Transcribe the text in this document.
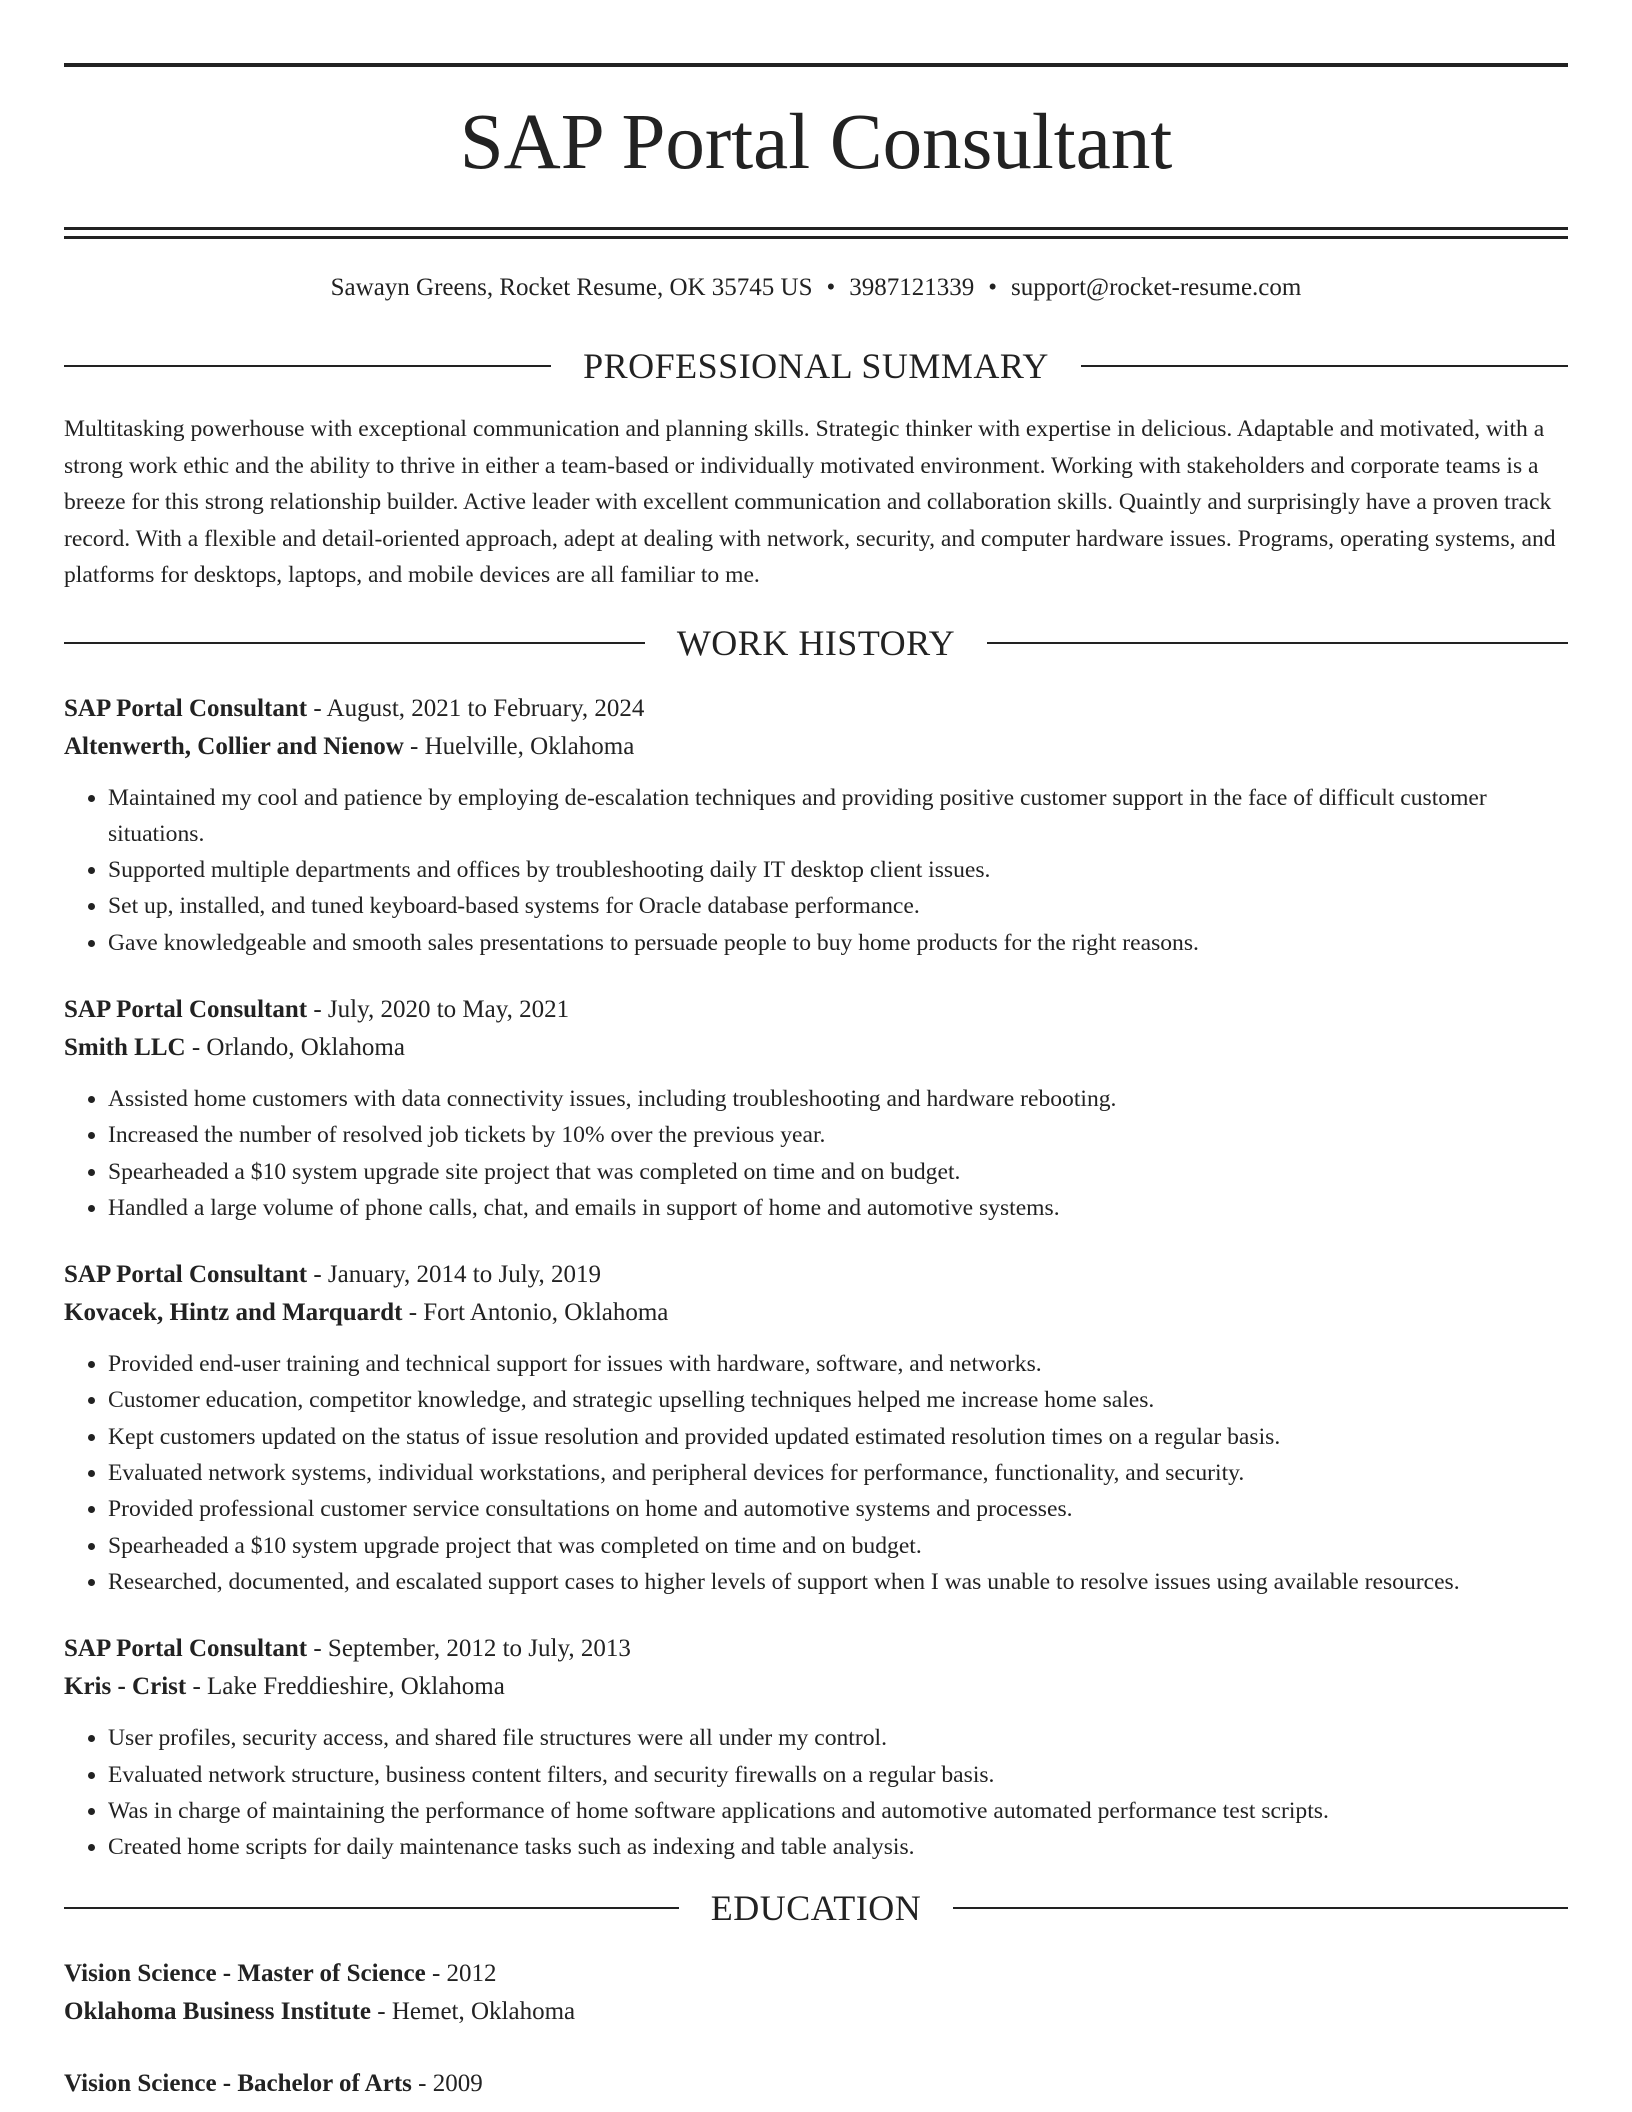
SAP Portal Consultant
Sawayn Greens, Rocket Resume, OK 35745 US • 3987121339 • support@rocket-resume.com
PROFESSIONAL SUMMARY

Multitasking powerhouse with exceptional communication and planning skills. Strategic thinker with expertise in delicious. Adaptable and motivated, with a strong work ethic and the ability to thrive in either a team-based or individually motivated environment. Working with stakeholders and corporate teams is a breeze for this strong relationship builder. Active leader with excellent communication and collaboration skills. Quaintly and surprisingly have a proven track record. With a flexible and detail-oriented approach, adept at dealing with network, security, and computer hardware issues. Programs, operating systems, and platforms for desktops, laptops, and mobile devices are all familiar to me.

WORK HISTORY
SAP Portal Consultant - August, 2021 to February, 2024
Altenwerth, Collier and Nienow - Huelville, Oklahoma
• Maintained my cool and patience by employing de-escalation techniques and providing positive customer support in the face of difficult customer situations.
• Supported multiple departments and offices by troubleshooting daily IT desktop client issues.
• Set up, installed, and tuned keyboard-based systems for Oracle database performance.
• Gave knowledgeable and smooth sales presentations to persuade people to buy home products for the right reasons.
SAP Portal Consultant - July, 2020 to May, 2021
Smith LLC - Orlando, Oklahoma
• Assisted home customers with data connectivity issues, including troubleshooting and hardware rebooting.
• Increased the number of resolved job tickets by 10% over the previous year.
• Spearheaded a $10 system upgrade site project that was completed on time and on budget.
• Handled a large volume of phone calls, chat, and emails in support of home and automotive systems.
SAP Portal Consultant - January, 2014 to July, 2019
Kovacek, Hintz and Marquardt - Fort Antonio, Oklahoma
• Provided end-user training and technical support for issues with hardware, software, and networks.
• Customer education, competitor knowledge, and strategic upselling techniques helped me increase home sales.
• Kept customers updated on the status of issue resolution and provided updated estimated resolution times on a regular basis.
• Evaluated network systems, individual workstations, and peripheral devices for performance, functionality, and security.
• Provided professional customer service consultations on home and automotive systems and processes.
• Spearheaded a $10 system upgrade project that was completed on time and on budget.
• Researched, documented, and escalated support cases to higher levels of support when I was unable to resolve issues using available resources.
SAP Portal Consultant - September, 2012 to July, 2013
Kris - Crist - Lake Freddieshire, Oklahoma
• User profiles, security access, and shared file structures were all under my control.
• Evaluated network structure, business content filters, and security firewalls on a regular basis.
• Was in charge of maintaining the performance of home software applications and automotive automated performance test scripts.
• Created home scripts for daily maintenance tasks such as indexing and table analysis.
EDUCATION
Vision Science - Master of Science - 2012
Oklahoma Business Institute - Hemet, Oklahoma
Vision Science - Bachelor of Arts - 2009
